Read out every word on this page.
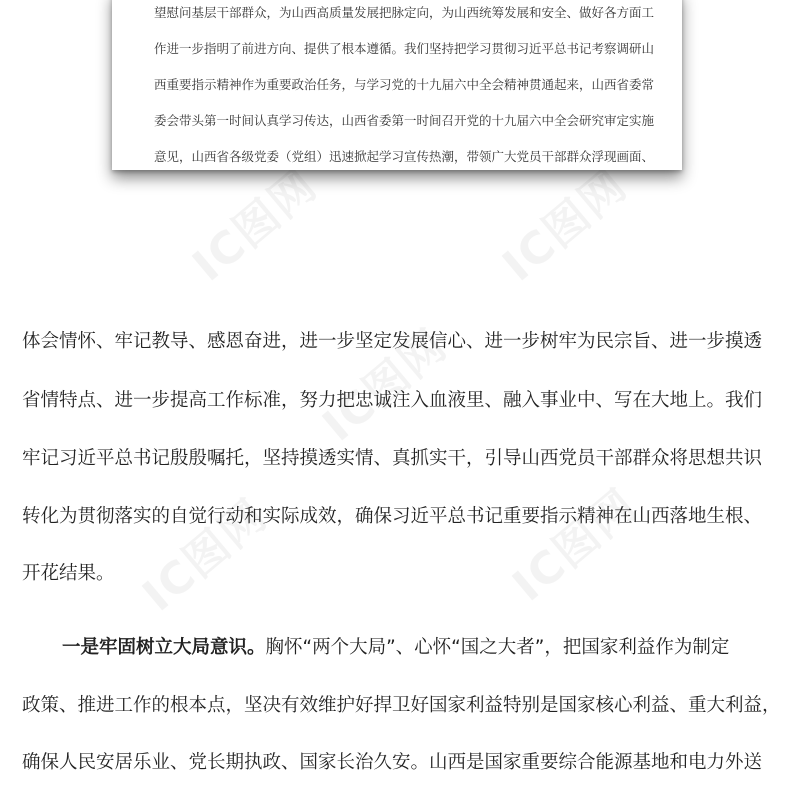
IC图网	IC图网
IC图网
IC图网
IC图网
望慰问基层干部群众，为山西高质量发展把脉定向，为山西统筹发展和安全、做好各方面工
作进一步指明了前进方向、提供了根本遵循。我们坚持把学习贯彻习近平总书记考察调研山
西重要指示精神作为重要政治任务，与学习党的十九届六中全会精神贯通起来，山西省委常
委会带头第一时间认真学习传达，山西省委第一时间召开党的十九届六中全会研究审定实施
意见，山西省各级党委（党组）迅速掀起学习宣传热潮，带领广大党员干部群众浮现画面、
体会情怀、牢记教导、感恩奋进，进一步坚定发展信心、进一步树牢为民宗旨、进一步摸透
省情特点、进一步提高工作标准，努力把忠诚注入血液里、融入事业中、写在大地上。我们
牢记习近平总书记殷殷嘱托，坚持摸透实情、真抓实干，引导山西党员干部群众将思想共识
转化为贯彻落实的自觉行动和实际成效，确保习近平总书记重要指示精神在山西落地生根、
开花结果。
一是牢固树立大局意识。胸怀“两个大局”、心怀“国之大者”，把国家利益作为制定
政策、推进工作的根本点，坚决有效维护好捍卫好国家利益特别是国家核心利益、重大利益，
确保人民安居乐业、党长期执政、国家长治久安。山西是国家重要综合能源基地和电力外送
